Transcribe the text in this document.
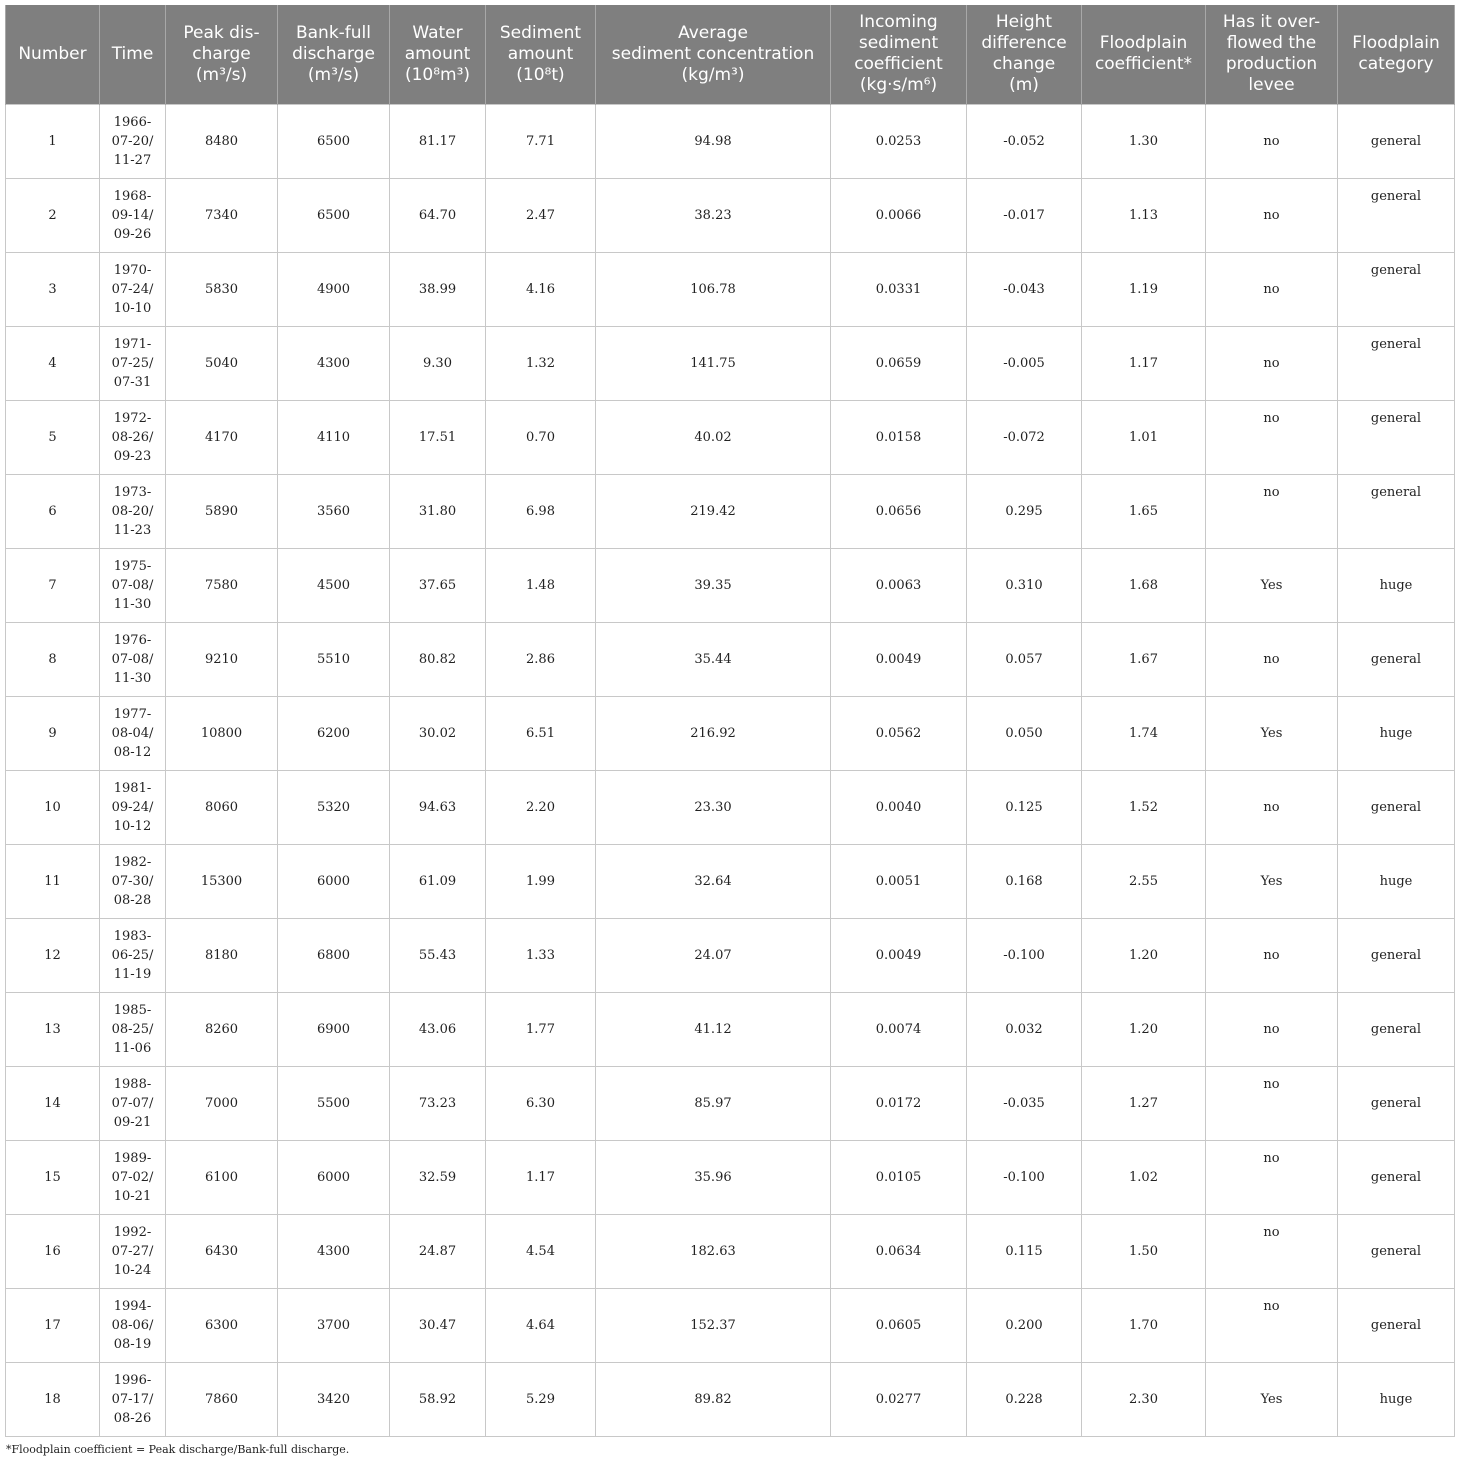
Number	Time	Peak dis-
charge
(m³/s)	Bank-full
discharge
(m³/s)	Water
amount
(10⁸m³)	Sediment
amount
(10⁸t)	Average
sediment concentration
(kg/m³)	Incoming
sediment
coefficient
(kg·s/m⁶)	Height
difference
change
(m)	Floodplain
coefficient*	Has it over-
flowed the
production
levee	Floodplain
category

1	1966-
07-20/
11-27	8480	6500	81.17	7.71	94.98	0.0253	-0.052	1.30	no	general
2	1968-
09-14/
09-26	7340	6500	64.70	2.47	38.23	0.0066	-0.017	1.13	no	general
3	1970-
07-24/
10-10	5830	4900	38.99	4.16	106.78	0.0331	-0.043	1.19	no	general
4	1971-
07-25/
07-31	5040	4300	9.30	1.32	141.75	0.0659	-0.005	1.17	no	general
5	1972-
08-26/
09-23	4170	4110	17.51	0.70	40.02	0.0158	-0.072	1.01	no	general
6	1973-
08-20/
11-23	5890	3560	31.80	6.98	219.42	0.0656	0.295	1.65	no	general
7	1975-
07-08/
11-30	7580	4500	37.65	1.48	39.35	0.0063	0.310	1.68	Yes	huge
8	1976-
07-08/
11-30	9210	5510	80.82	2.86	35.44	0.0049	0.057	1.67	no	general
9	1977-
08-04/
08-12	10800	6200	30.02	6.51	216.92	0.0562	0.050	1.74	Yes	huge
10	1981-
09-24/
10-12	8060	5320	94.63	2.20	23.30	0.0040	0.125	1.52	no	general
11	1982-
07-30/
08-28	15300	6000	61.09	1.99	32.64	0.0051	0.168	2.55	Yes	huge
12	1983-
06-25/
11-19	8180	6800	55.43	1.33	24.07	0.0049	-0.100	1.20	no	general
13	1985-
08-25/
11-06	8260	6900	43.06	1.77	41.12	0.0074	0.032	1.20	no	general
14	1988-
07-07/
09-21	7000	5500	73.23	6.30	85.97	0.0172	-0.035	1.27	no	general
15	1989-
07-02/
10-21	6100	6000	32.59	1.17	35.96	0.0105	-0.100	1.02	no	general
16	1992-
07-27/
10-24	6430	4300	24.87	4.54	182.63	0.0634	0.115	1.50	no	general
17	1994-
08-06/
08-19	6300	3700	30.47	4.64	152.37	0.0605	0.200	1.70	no	general
18	1996-
07-17/
08-26	7860	3420	58.92	5.29	89.82	0.0277	0.228	2.30	Yes	huge
*Floodplain coefficient = Peak discharge/Bank-full discharge.
